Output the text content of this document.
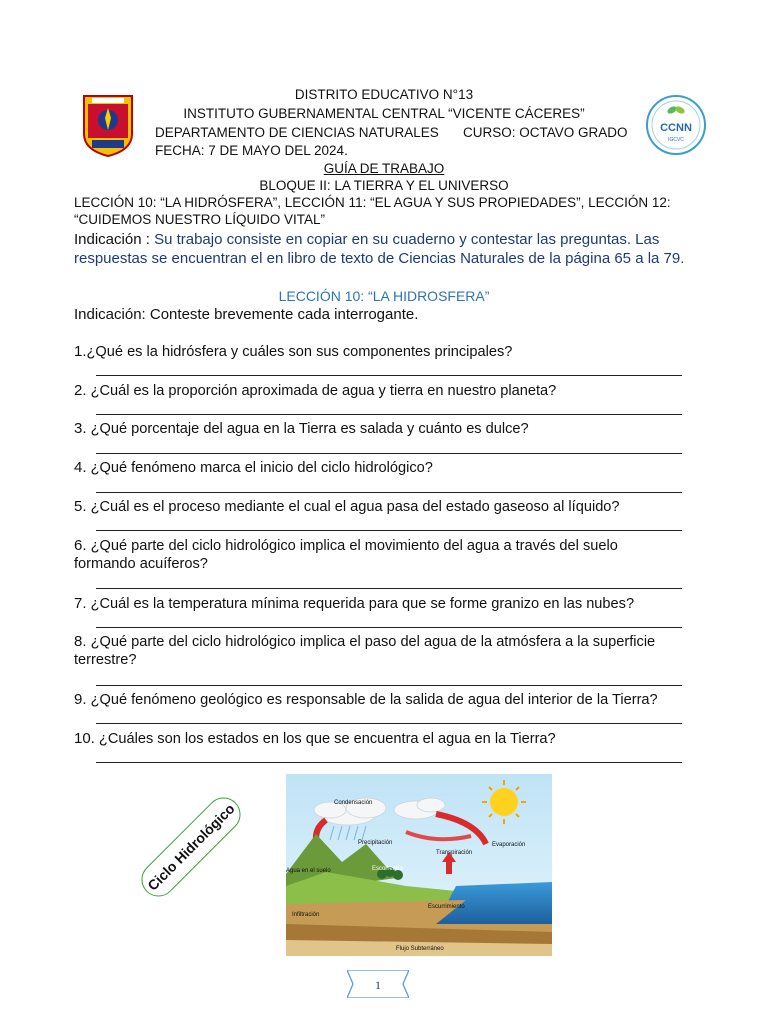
CCNN
IGCVC
DISTRITO EDUCATIVO N°13
INSTITUTO GUBERNAMENTAL CENTRAL “VICENTE CÁCERES”
DEPARTAMENTO DE CIENCIAS NATURALES CURSO: OCTAVO GRADO
FECHA: 7 DE MAYO DEL 2024.
GUÍA DE TRABAJO
BLOQUE II: LA TIERRA Y EL UNIVERSO
LECCIÓN 10: “LA HIDRÓSFERA”, LECCIÓN 11: “EL AGUA Y SUS PROPIEDADES”, LECCIÓN 12:
“CUIDEMOS NUESTRO LÍQUIDO VITAL”
Indicación : Su trabajo consiste en copiar en su cuaderno y contestar las preguntas. Las
respuestas se encuentran el en libro de texto de Ciencias Naturales de la página 65 a la 79.
LECCIÓN 10: “LA HIDROSFERA”
Indicación: Conteste brevemente cada interrogante.
1.¿Qué es la hidrósfera y cuáles son sus componentes principales?
2. ¿Cuál es la proporción aproximada de agua y tierra en nuestro planeta?
3. ¿Qué porcentaje del agua en la Tierra es salada y cuánto es dulce?
4. ¿Qué fenómeno marca el inicio del ciclo hidrológico?
5. ¿Cuál es el proceso mediante el cual el agua pasa del estado gaseoso al líquido?
6. ¿Qué parte del ciclo hidrológico implica el movimiento del agua a través del suelo
formando acuíferos?
7. ¿Cuál es la temperatura mínima requerida para que se forme granizo en las nubes?
8. ¿Qué parte del ciclo hidrológico implica el paso del agua de la atmósfera a la superficie
terrestre?
9. ¿Qué fenómeno geológico es responsable de la salida de agua del interior de la Tierra?
10. ¿Cuáles son los estados en los que se encuentra el agua en la Tierra?
Ciclo Hidrológico	Condensación
Precipitación	Evaporación
Transpiración
Escorrentía
Agua en el suelo
Infiltración
Escurrimiento
Flujo Subterráneo
1
